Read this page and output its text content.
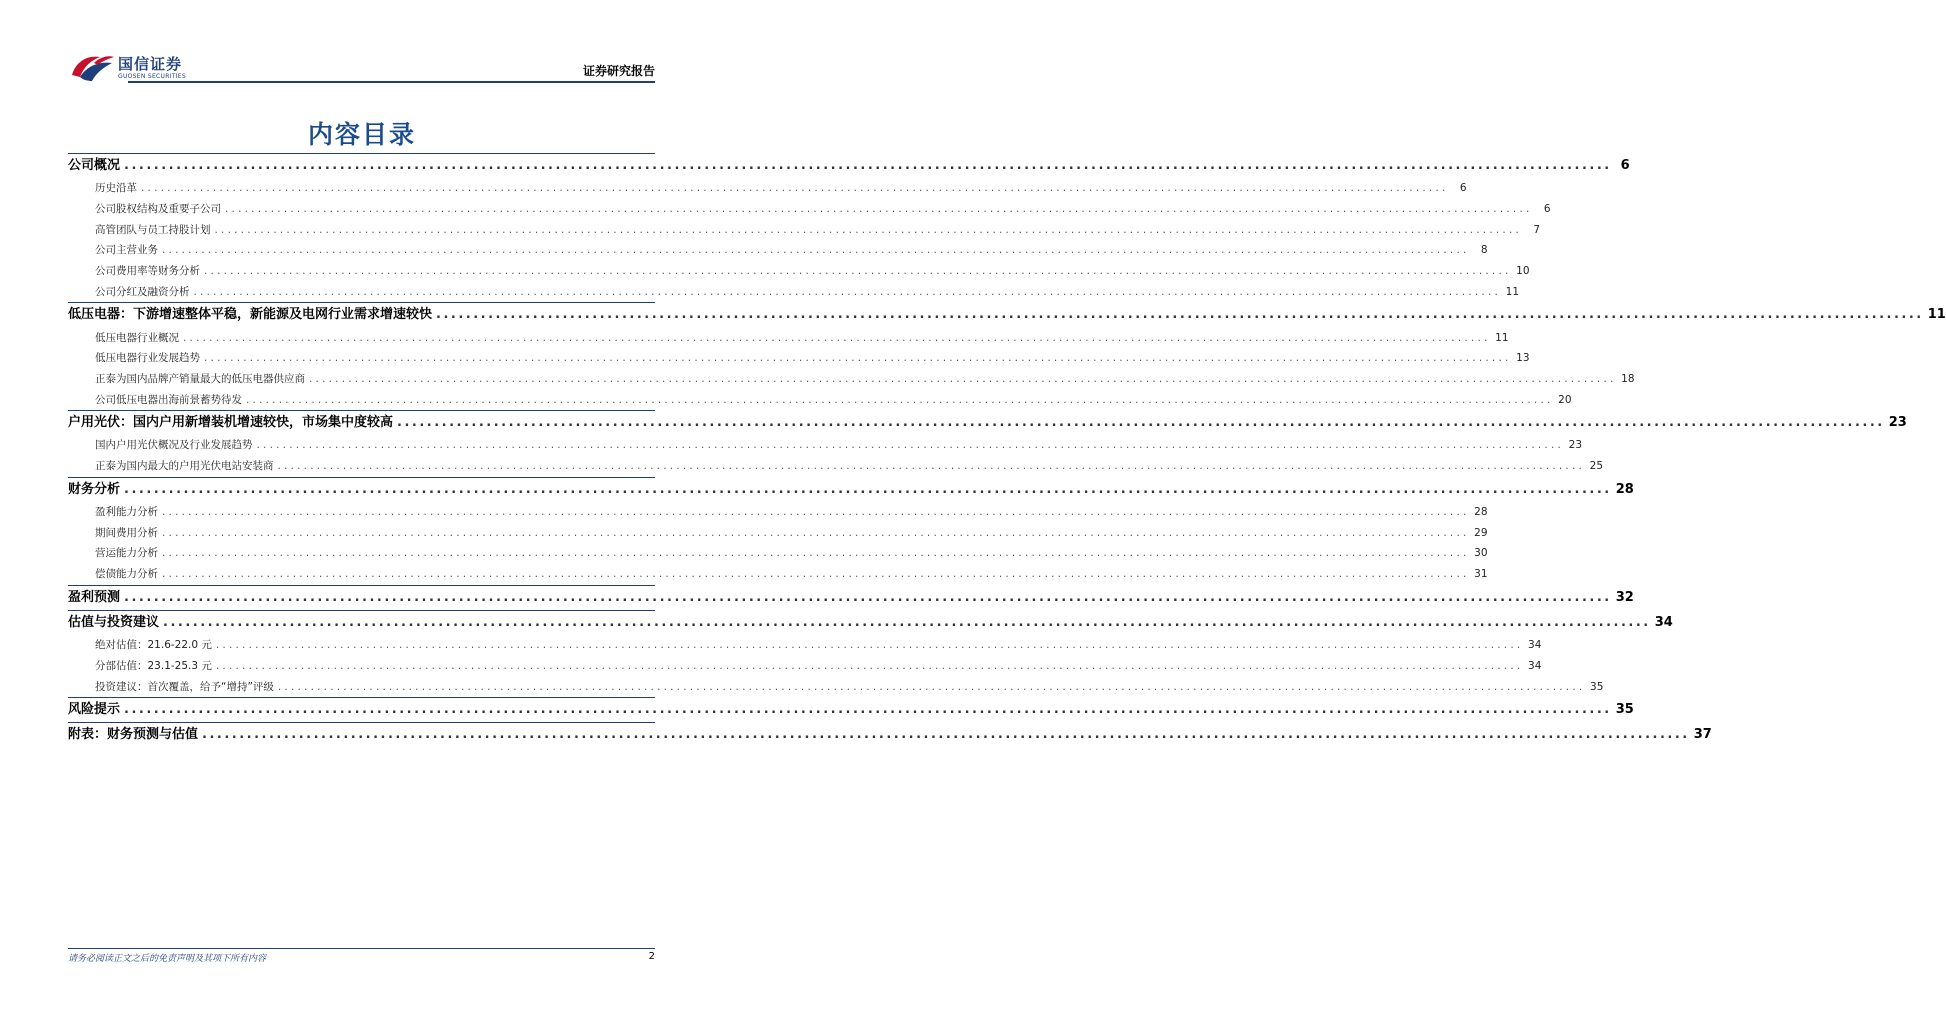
国信证券
GUOSEN SECURITIES	证券研究报告
内容目录
公司概况 ........................................................................................................................................................................................................ 6
历史沿革 ........................................................................................................................................................................................................	6
公司股权结构及重要子公司 ........................................................................................................................................................................................................	6
高管团队与员工持股计划 ........................................................................................................................................................................................................	7
公司主营业务 ........................................................................................................................................................................................................	8
公司费用率等财务分析 ........................................................................................................................................................................................................ 10
公司分红及融资分析 ........................................................................................................................................................................................................ 11
低压电器：下游增速整体平稳，新能源及电网行业需求增速较快 ........................................................................................................................................................................................................ 11
低压电器行业概况 ........................................................................................................................................................................................................ 11
低压电器行业发展趋势 ........................................................................................................................................................................................................ 13
正泰为国内品牌产销量最大的低压电器供应商 ........................................................................................................................................................................................................ 18
公司低压电器出海前景蓄势待发 ........................................................................................................................................................................................................ 20
户用光伏：国内户用新增装机增速较快，市场集中度较高 ........................................................................................................................................................................................................ 23
国内户用光伏概况及行业发展趋势 ........................................................................................................................................................................................................ 23
正泰为国内最大的户用光伏电站安装商 ........................................................................................................................................................................................................ 25
财务分析 ........................................................................................................................................................................................................ 28
盈利能力分析 ........................................................................................................................................................................................................ 28
期间费用分析 ........................................................................................................................................................................................................ 29
营运能力分析 ........................................................................................................................................................................................................ 30
偿债能力分析 ........................................................................................................................................................................................................ 31
盈利预测 ........................................................................................................................................................................................................ 32
估值与投资建议 ........................................................................................................................................................................................................ 34
绝对估值：21.6-22.0 元 ........................................................................................................................................................................................................ 34
分部估值：23.1-25.3 元 ........................................................................................................................................................................................................ 34
投资建议：首次覆盖，给予“增持”评级 ........................................................................................................................................................................................................ 35
风险提示 ........................................................................................................................................................................................................ 35
附表：财务预测与估值 ........................................................................................................................................................................................................ 37
请务必阅读正文之后的免责声明及其项下所有内容	2
